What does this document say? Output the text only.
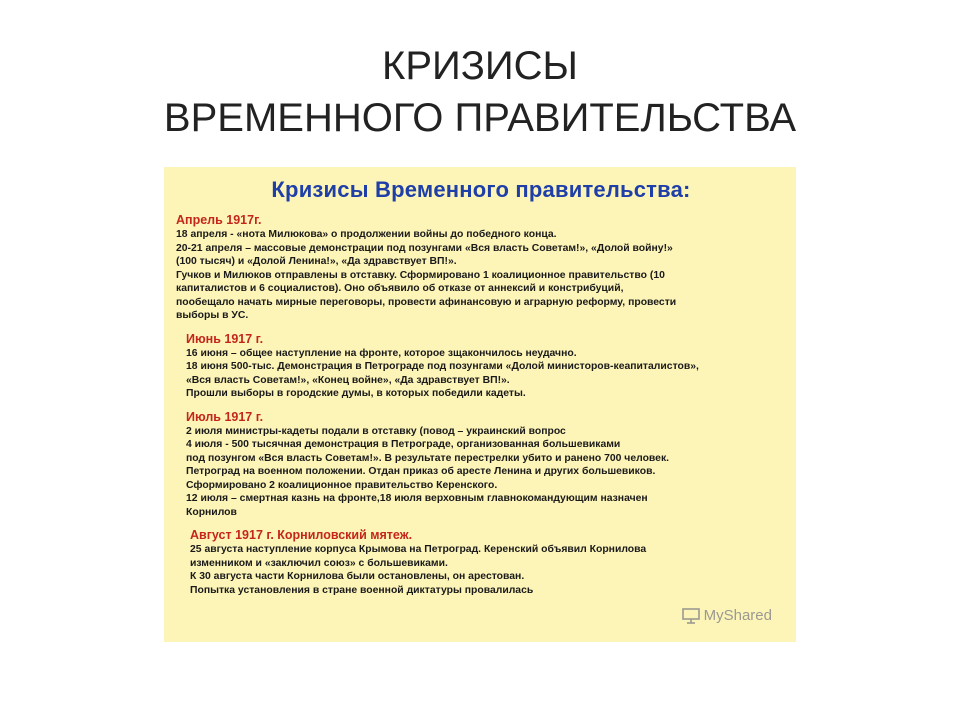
КРИЗИСЫ
ВРЕМЕННОГО ПРАВИТЕЛЬСТВА
Кризисы Временного правительства:
Апрель 1917г.
18 апреля - «нота Милюкова» о продолжении войны до победного конца.
20-21 апреля – массовые демонстрации под позунгами «Вся власть Советам!», «Долой войну!»
(100 тысяч) и «Долой Ленина!», «Да здравствует ВП!».
Гучков и Милюков отправлены в отставку. Сформировано 1 коалиционное правительство (10
капиталистов и 6 социалистов). Оно объявило об отказе от аннексий и констрибуций,
пообещало начать мирные переговоры, провести афинансовую и аграрную реформу, провести
выборы в УС.
Июнь 1917 г.
16 июня – общее наступление на фронте, которое зщакончилось неудачно.
18 июня 500-тыс. Демонстрация в Петрограде под позунгами «Долой министоров-кеапиталистов»,
«Вся власть Советам!», «Конец войне», «Да здравствует ВП!».
Прошли выборы в городские думы, в которых победили кадеты.
Июль 1917 г.
2 июля министры-кадеты подали в отставку (повод – украинский вопрос
4 июля - 500 тысячная демонстрация в Петрограде, организованная большевиками
под позунгом «Вся власть Советам!». В результате перестрелки убито и ранено 700 человек.
Петроград на военном положении. Отдан приказ об аресте Ленина и других большевиков.
Сформировано 2 коалиционное правительство Керенского.
12 июля – смертная казнь на фронте,18 июля верховным главнокомандующим назначен
Корнилов
Август 1917 г. Корниловский мятеж.
25 августа наступление корпуса Крымова на Петроград. Керенский объявил Корнилова
изменником и «заключил союз» с большевиками.
К 30 августа части Корнилова были остановлены, он арестован.
Попытка установления в стране военной диктатуры провалилась
MyShared
